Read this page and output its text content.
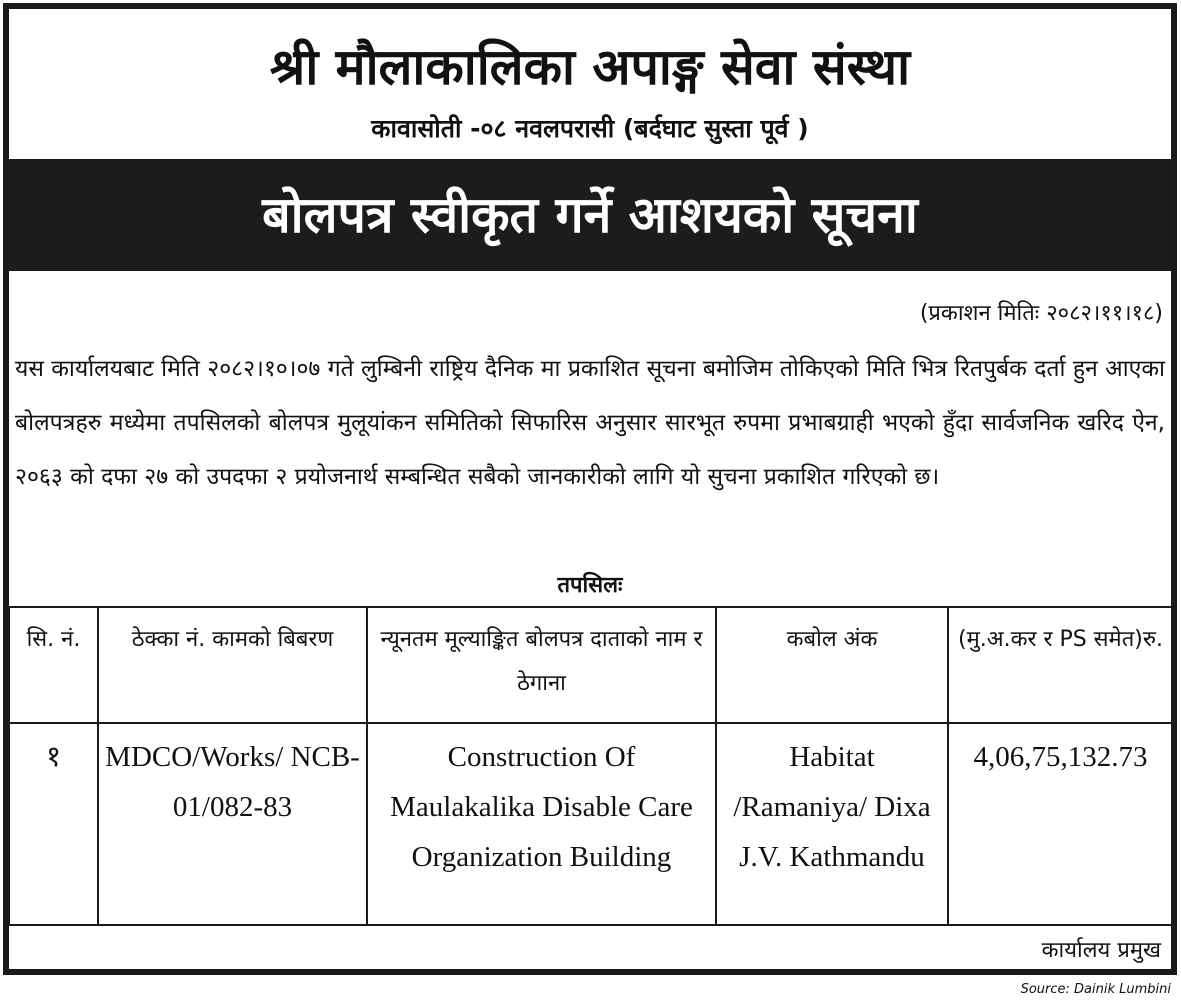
श्री मौलाकालिका अपाङ्ग सेवा संस्था
कावासोती -०८ नवलपरासी (बर्दघाट सुस्ता पूर्व )
बोलपत्र स्वीकृत गर्ने आशयको सूचना
(प्रकाशन मितिः २०८२।११।१८)
यस कार्यालयबाट मिति २०८२।१०।०७ गते लुम्बिनी राष्ट्रिय दैनिक मा प्रकाशित सूचना बमोजिम तोकिएको मिति भित्र रितपुर्बक दर्ता हुन आएका बोलपत्रहरु मध्येमा तपसिलको बोलपत्र मुलूयांकन समितिको सिफारिस अनुसार सारभूत रुपमा प्रभाबग्राही भएको हुँदा सार्वजनिक खरिद ऐन, २०६३ को दफा २७ को उपदफा २ प्रयोजनार्थ सम्बन्धित सबैको जानकारीको लागि यो सुचना प्रकाशित गरिएको छ।
तपसिलः
सि. नं.	ठेक्का नं. कामको बिबरण	न्यूनतम मूल्याङ्कित बोलपत्र दाताको नाम र ठेगाना	कबोल अंक	(मु.अ.कर र PS समेत)रु.
१	MDCO/Works/ NCB-01/082-83	Construction Of Maulakalika Disable Care Organization Building	Habitat /Ramaniya/ Dixa J.V. Kathmandu	4,06,75,132.73
कार्यालय प्रमुख
Source: Dainik Lumbini
